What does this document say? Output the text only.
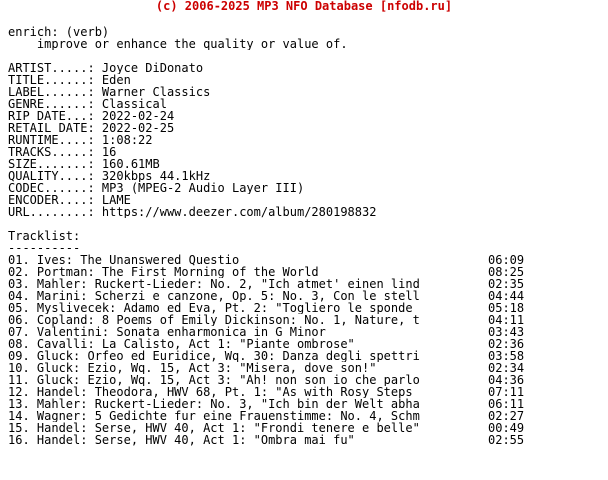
(c) 2006-2025 MP3 NFO Database [nfodb.ru]
enrich: (verb)
improve or enhance the quality or value of.
ARTIST.....: Joyce DiDonato
TITLE......: Eden
LABEL......: Warner Classics
GENRE......: Classical
RIP DATE...: 2022-02-24
RETAIL DATE: 2022-02-25
RUNTIME....: 1:08:22
TRACKS.....: 16
SIZE.......: 160.61MB
QUALITY....: 320kbps 44.1kHz
CODEC......: MP3 (MPEG-2 Audio Layer III)
ENCODER....: LAME
URL........: https://www.deezer.com/album/280198832
Tracklist:
----------
01. Ives: The Unanswered Questio	06:09
02. Portman: The First Morning of the World	08:25
03. Mahler: Ruckert-Lieder: No. 2, "Ich atmet' einen lind	02:35
04. Marini: Scherzi e canzone, Op. 5: No. 3, Con le stell	04:44
05. Myslivecek: Adamo ed Eva, Pt. 2: "Togliero le sponde	05:18
06. Copland: 8 Poems of Emily Dickinson: No. 1, Nature, t	04:11
07. Valentini: Sonata enharmonica in G Minor	03:43
08. Cavalli: La Calisto, Act 1: "Piante ombrose"	02:36
09. Gluck: Orfeo ed Euridice, Wq. 30: Danza degli spettri	03:58
10. Gluck: Ezio, Wq. 15, Act 3: "Misera, dove son!"	02:34
11. Gluck: Ezio, Wq. 15, Act 3: "Ah! non son io che parlo	04:36
12. Handel: Theodora, HWV 68, Pt. 1: "As with Rosy Steps	07:11
13. Mahler: Ruckert-Lieder: No. 3, "Ich bin der Welt abha	06:11
14. Wagner: 5 Gedichte fur eine Frauenstimme: No. 4, Schm	02:27
15. Handel: Serse, HWV 40, Act 1: "Frondi tenere e belle"	00:49
16. Handel: Serse, HWV 40, Act 1: "Ombra mai fu"	02:55
